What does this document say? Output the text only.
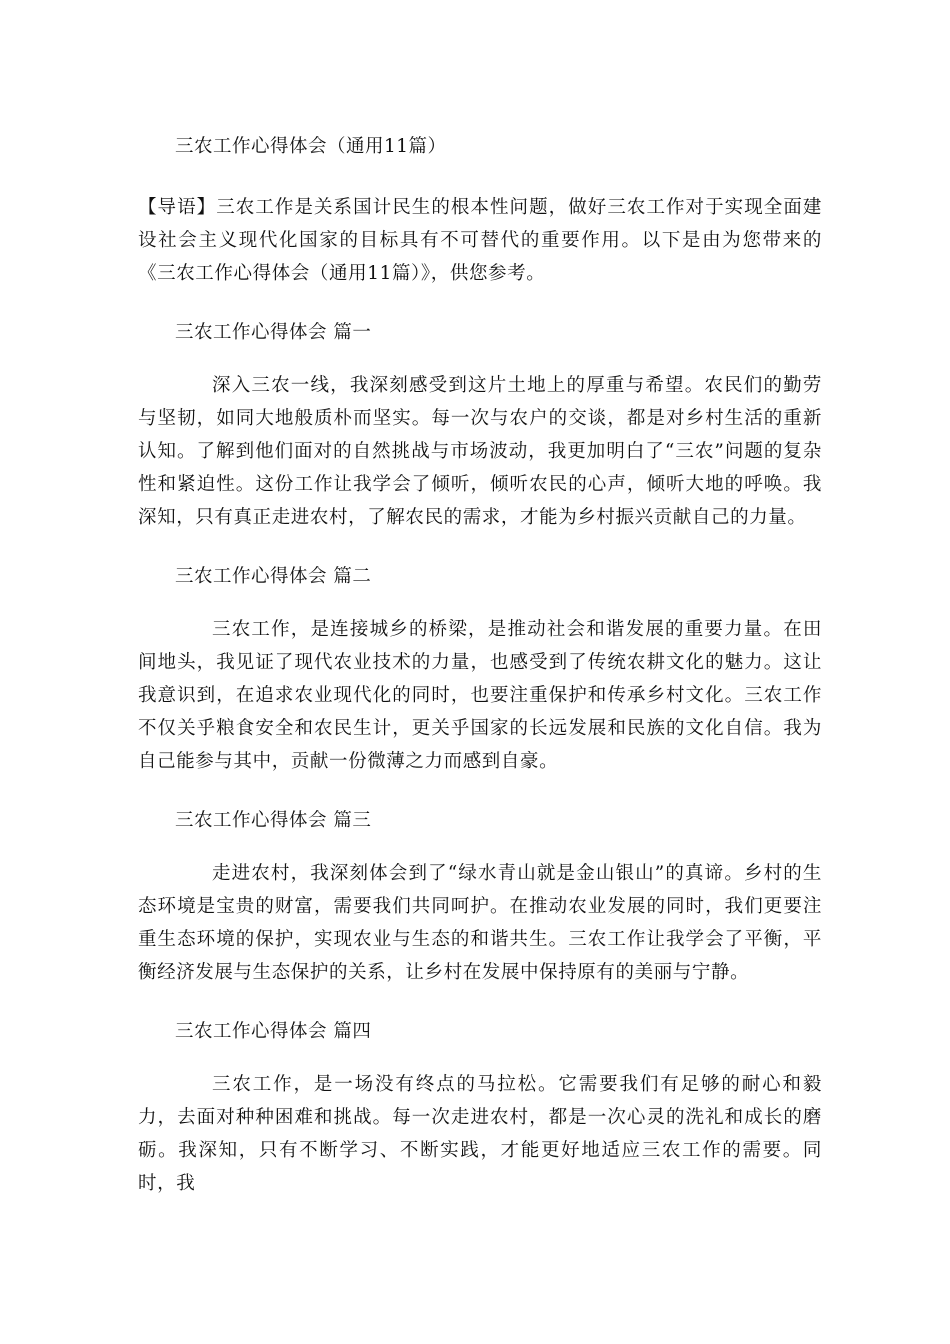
三农工作心得体会（通用11篇）
【导语】三农工作是关系国计民生的根本性问题，做好三农工作对于实现全面建设社会主义现代化国家的目标具有不可替代的重要作用。以下是由为您带来的《三农工作心得体会（通用11篇）》，供您参考。
三农工作心得体会 篇一
深入三农一线，我深刻感受到这片土地上的厚重与希望。农民们的勤劳与坚韧，如同大地般质朴而坚实。每一次与农户的交谈，都是对乡村生活的重新认知。了解到他们面对的自然挑战与市场波动，我更加明白了“三农”问题的复杂性和紧迫性。这份工作让我学会了倾听，倾听农民的心声，倾听大地的呼唤。我深知，只有真正走进农村，了解农民的需求，才能为乡村振兴贡献自己的力量。
三农工作心得体会 篇二
三农工作，是连接城乡的桥梁，是推动社会和谐发展的重要力量。在田间地头，我见证了现代农业技术的力量，也感受到了传统农耕文化的魅力。这让我意识到，在追求农业现代化的同时，也要注重保护和传承乡村文化。三农工作不仅关乎粮食安全和农民生计，更关乎国家的长远发展和民族的文化自信。我为自己能参与其中，贡献一份微薄之力而感到自豪。
三农工作心得体会 篇三
走进农村，我深刻体会到了“绿水青山就是金山银山”的真谛。乡村的生态环境是宝贵的财富，需要我们共同呵护。在推动农业发展的同时，我们更要注重生态环境的保护，实现农业与生态的和谐共生。三农工作让我学会了平衡，平衡经济发展与生态保护的关系，让乡村在发展中保持原有的美丽与宁静。
三农工作心得体会 篇四
三农工作，是一场没有终点的马拉松。它需要我们有足够的耐心和毅力，去面对种种困难和挑战。每一次走进农村，都是一次心灵的洗礼和成长的磨砺。我深知，只有不断学习、不断实践，才能更好地适应三农工作的需要。同时，我
